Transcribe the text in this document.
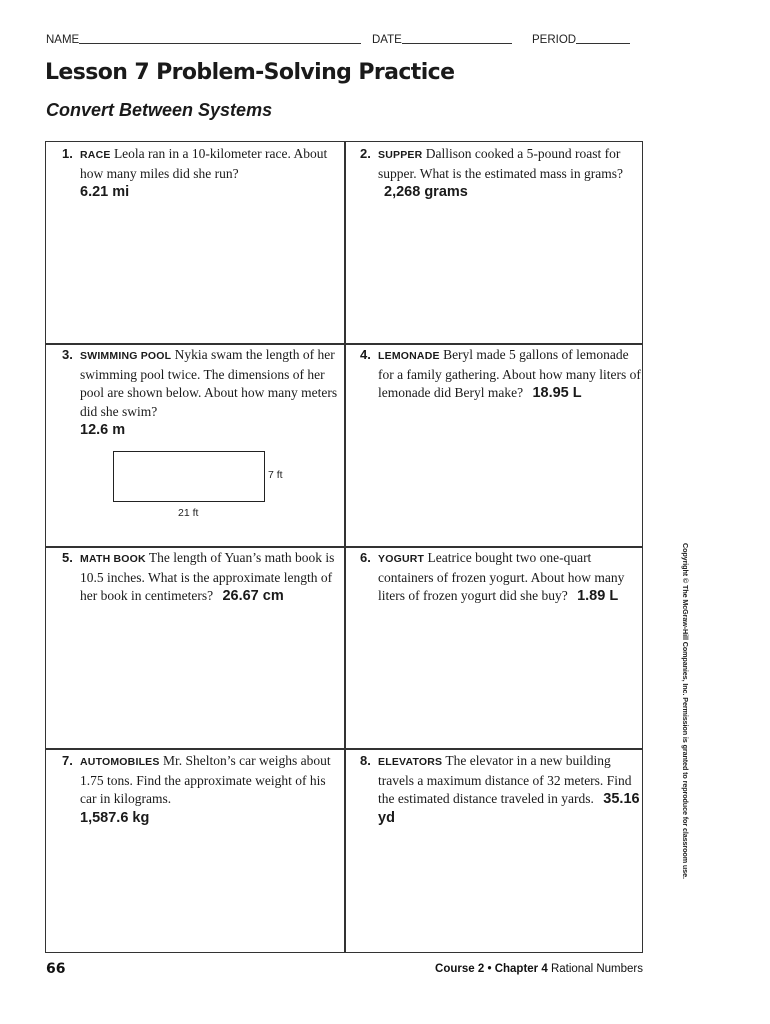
NAME	DATE	PERIOD
Lesson 7 Problem-Solving Practice
Convert Between Systems
1. RACE Leola ran in a 10-kilometer race. About how many miles did she run?
6.21 mi
2. SUPPER Dallison cooked a 5-pound roast for supper. What is the estimated mass in grams? 2,268 grams
3. SWIMMING POOL Nykia swam the length of her swimming pool twice. The dimensions of her pool are shown below. About how many meters did she swim?
12.6 m
7 ft
21 ft
4. LEMONADE Beryl made 5 gallons of lemonade for a family gathering. About how many liters of lemonade did Beryl make? 18.95 L
5. MATH BOOK The length of Yuan’s math book is 10.5 inches. What is the approximate length of her book in centimeters? 26.67 cm
6. YOGURT Leatrice bought two one-quart containers of frozen yogurt. About how many liters of frozen yogurt did she buy? 1.89 L
7. AUTOMOBILES Mr. Shelton’s car weighs about 1.75 tons. Find the approximate weight of his car in kilograms.
1,587.6 kg
8. ELEVATORS The elevator in a new building travels a maximum distance of 32 meters. Find the estimated distance traveled in yards. 35.16 yd	Copyright © The McGraw-Hill Companies, Inc. Permission is granted to reproduce for classroom use.
66	Course 2 • Chapter 4 Rational Numbers
